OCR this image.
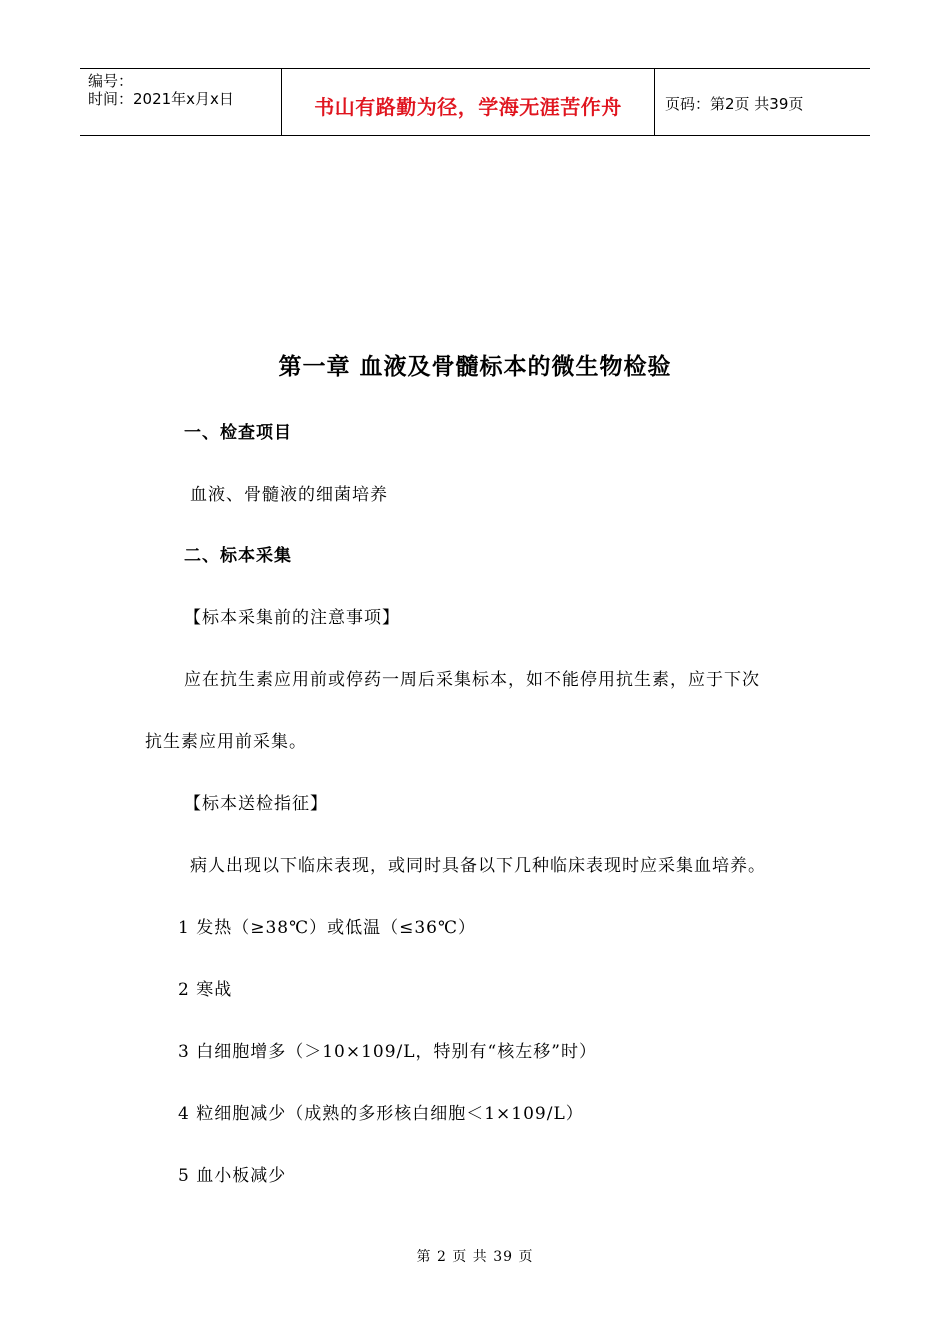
编号：
时间：2021年x月x日	书山有路勤为径，学海无涯苦作舟	页码：第2页 共39页
第一章 血液及骨髓标本的微生物检验
一、检查项目
血液、骨髓液的细菌培养
二、标本采集
【标本采集前的注意事项】
应在抗生素应用前或停药一周后采集标本，如不能停用抗生素，应于下次
抗生素应用前采集。
【标本送检指征】
病人出现以下临床表现，或同时具备以下几种临床表现时应采集血培养。
1 发热（≥38℃）或低温（≤36℃）
2 寒战
3 白细胞增多（＞10×109/L，特别有“核左移”时）
4 粒细胞减少（成熟的多形核白细胞＜1×109/L）
5 血小板减少
第 2 页 共 39 页
